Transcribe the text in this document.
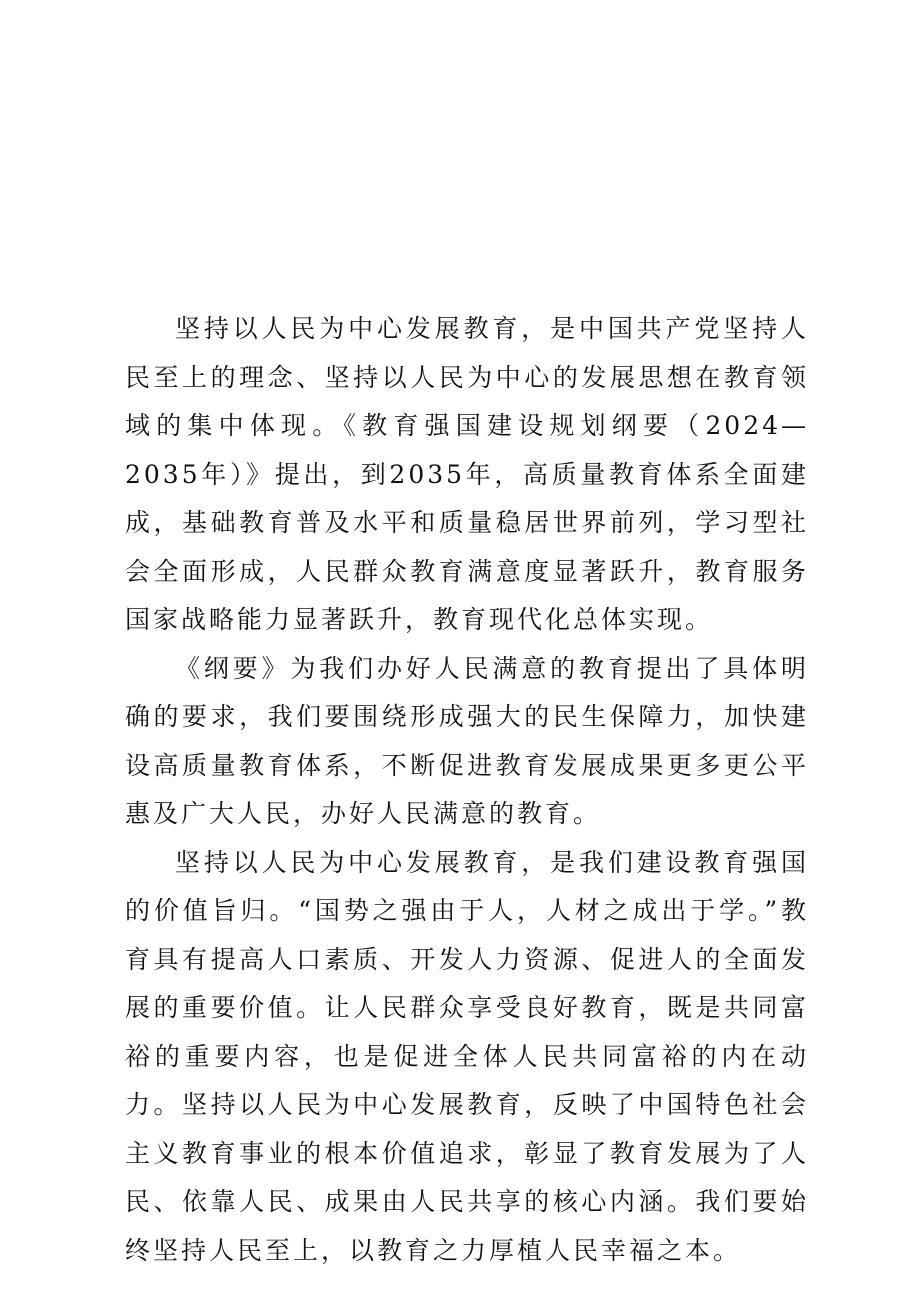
坚持以人民为中心发展教育，是中国共产党坚持人民至上的理念、坚持以人民为中心的发展思想在教育领域的集中体现。《教育强国建设规划纲要（2024—2035年）》提出，到2035年，高质量教育体系全面建成，基础教育普及水平和质量稳居世界前列，学习型社会全面形成，人民群众教育满意度显著跃升，教育服务国家战略能力显著跃升，教育现代化总体实现。

《纲要》为我们办好人民满意的教育提出了具体明确的要求，我们要围绕形成强大的民生保障力，加快建设高质量教育体系，不断促进教育发展成果更多更公平惠及广大人民，办好人民满意的教育。

坚持以人民为中心发展教育，是我们建设教育强国的价值旨归。“国势之强由于人，人材之成出于学。”教育具有提高人口素质、开发人力资源、促进人的全面发展的重要价值。让人民群众享受良好教育，既是共同富裕的重要内容，也是促进全体人民共同富裕的内在动力。坚持以人民为中心发展教育，反映了中国特色社会主义教育事业的根本价值追求，彰显了教育发展为了人民、依靠人民、成果由人民共享的核心内涵。我们要始终坚持人民至上，以教育之力厚植人民幸福之本。
